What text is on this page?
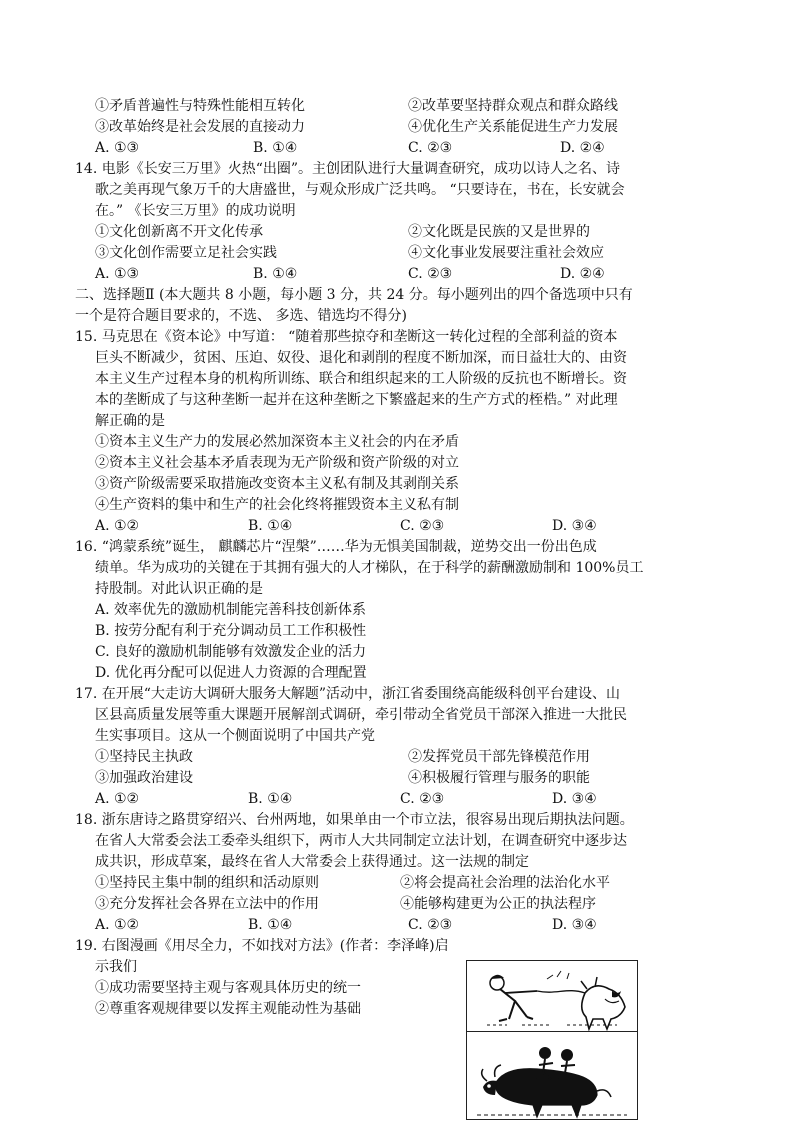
①矛盾普遍性与特殊性能相互转化	②改革要坚持群众观点和群众路线
③改革始终是社会发展的直接动力	④优化生产关系能促进生产力发展
A. ①③	B. ①④	C. ②③	D. ②④
14. 电影《长安三万里》火热“出圈”。主创团队进行大量调查研究，成功以诗人之名、诗
歌之美再现气象万千的大唐盛世，与观众形成广泛共鸣。 “只要诗在，书在，长安就会
在。” 《长安三万里》的成功说明
①文化创新离不开文化传承	②文化既是民族的又是世界的
③文化创作需要立足社会实践	④文化事业发展要注重社会效应
A. ①③	B. ①④	C. ②③	D. ②④
二、选择题Ⅱ (本大题共 8 小题，每小题 3 分，共 24 分。每小题列出的四个备选项中只有
一个是符合题目要求的，不选、 多选、错选均不得分)
15. 马克思在《资本论》中写道： “随着那些掠夺和垄断这一转化过程的全部利益的资本
巨头不断减少，贫困、压迫、奴役、退化和剥削的程度不断加深，而日益壮大的、由资
本主义生产过程本身的机构所训练、联合和组织起来的工人阶级的反抗也不断增长。资
本的垄断成了与这种垄断一起并在这种垄断之下繁盛起来的生产方式的桎梏。” 对此理
解正确的是
①资本主义生产力的发展必然加深资本主义社会的内在矛盾
②资本主义社会基本矛盾表现为无产阶级和资产阶级的对立
③资产阶级需要采取措施改变资本主义私有制及其剥削关系
④生产资料的集中和生产的社会化终将摧毁资本主义私有制
A. ①②	B. ①④	C. ②③	D. ③④
16. “鸿蒙系统”诞生， 麒麟芯片“涅槃”……华为无惧美国制裁，逆势交出一份出色成
绩单。华为成功的关键在于其拥有强大的人才梯队，在于科学的薪酬激励制和 100%员工
持股制。对此认识正确的是
A. 效率优先的激励机制能完善科技创新体系
B. 按劳分配有利于充分调动员工工作积极性
C. 良好的激励机制能够有效激发企业的活力
D. 优化再分配可以促进人力资源的合理配置
17. 在开展“大走访大调研大服务大解题”活动中，浙江省委围绕高能级科创平台建设、山
区县高质量发展等重大课题开展解剖式调研，牵引带动全省党员干部深入推进一大批民
生实事项目。这从一个侧面说明了中国共产党
①坚持民主执政	②发挥党员干部先锋模范作用
③加强政治建设	④积极履行管理与服务的职能
A. ①②	B. ①④	C. ②③	D. ③④
18. 浙东唐诗之路贯穿绍兴、台州两地，如果单由一个市立法，很容易出现后期执法问题。
在省人大常委会法工委牵头组织下，两市人大共同制定立法计划，在调查研究中逐步达
成共识，形成草案，最终在省人大常委会上获得通过。这一法规的制定
①坚持民主集中制的组织和活动原则	②将会提高社会治理的法治化水平
③充分发挥社会各界在立法中的作用	④能够构建更为公正的执法程序
A. ①②	B. ①④	C. ②③	D. ③④
19. 右图漫画《用尽全力，不如找对方法》(作者：李泽峰)启
示我们
①成功需要坚持主观与客观具体历史的统一
②尊重客观规律要以发挥主观能动性为基础
